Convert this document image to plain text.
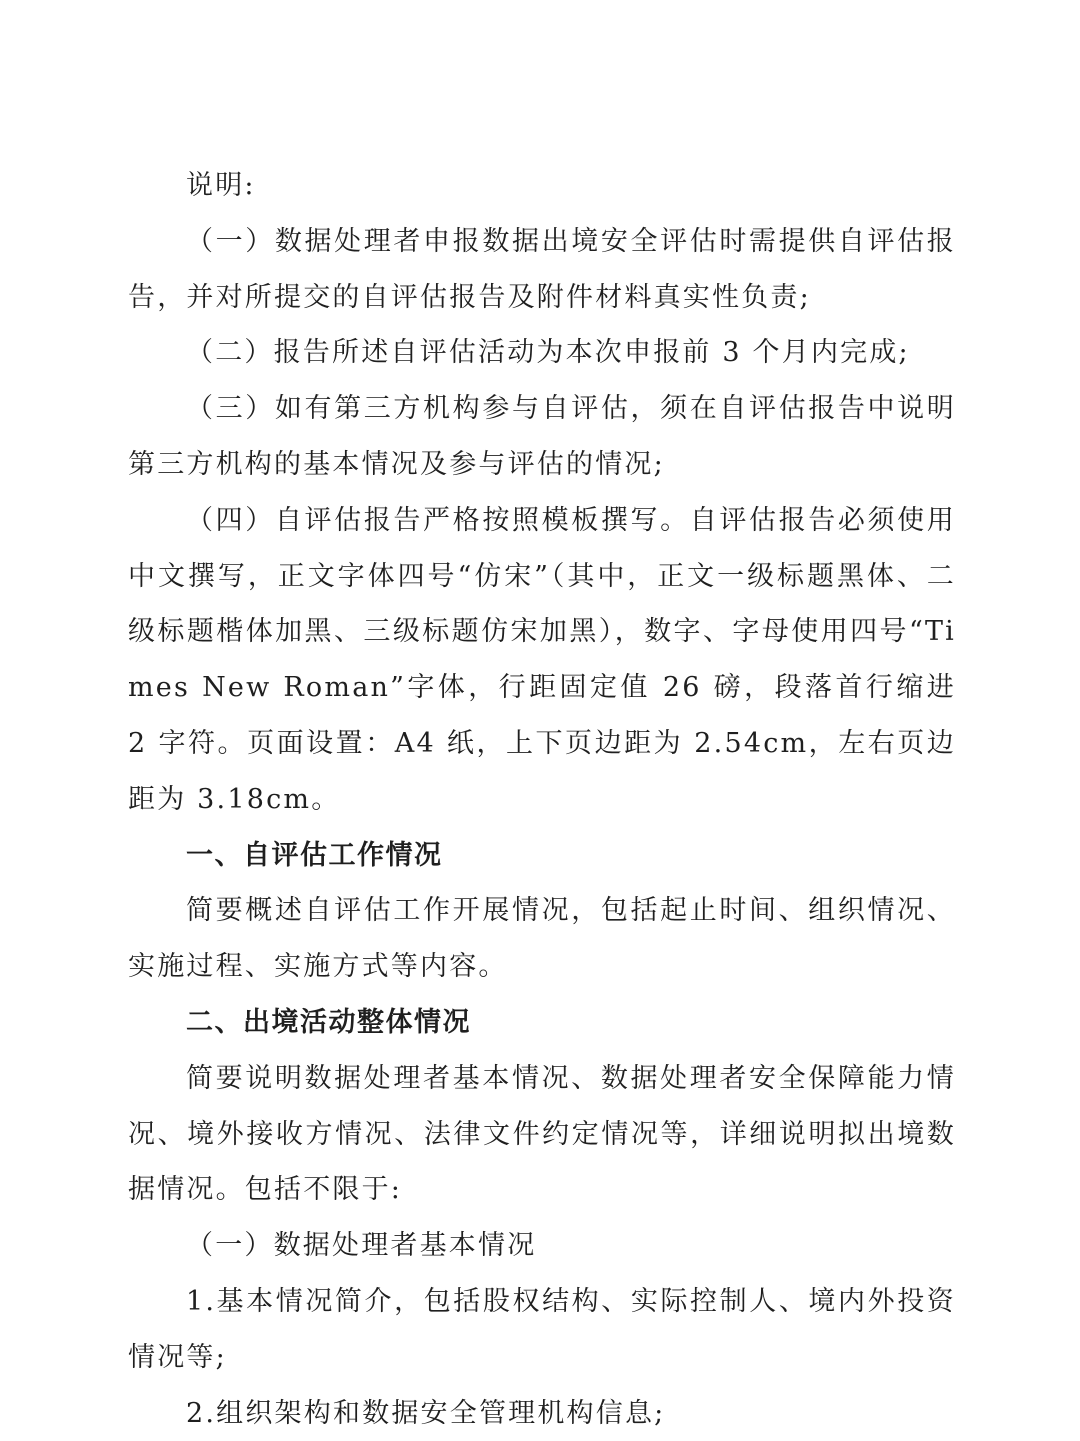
说明:

（一）数据处理者申报数据出境安全评估时需提供自评估报告，并对所提交的自评估报告及附件材料真实性负责;

（二）报告所述自评估活动为本次申报前 3 个月内完成;

（三）如有第三方机构参与自评估，须在自评估报告中说明第三方机构的基本情况及参与评估的情况;

（四）自评估报告严格按照模板撰写。自评估报告必须使用中文撰写，正文字体四号“仿宋”（其中，正文一级标题黑体、二级标题楷体加黑、三级标题仿宋加黑），数字、字母使用四号“Times New Roman”字体，行距固定值 26 磅，段落首行缩进 2 字符。页面设置：A4 纸，上下页边距为 2.54cm，左右页边距为 3.18cm。

一、自评估工作情况

简要概述自评估工作开展情况，包括起止时间、组织情况、实施过程、实施方式等内容。

二、出境活动整体情况

简要说明数据处理者基本情况、数据处理者安全保障能力情况、境外接收方情况、法律文件约定情况等，详细说明拟出境数据情况。包括不限于:

（一）数据处理者基本情况

1.基本情况简介，包括股权结构、实际控制人、境内外投资情况等;

2.组织架构和数据安全管理机构信息;
